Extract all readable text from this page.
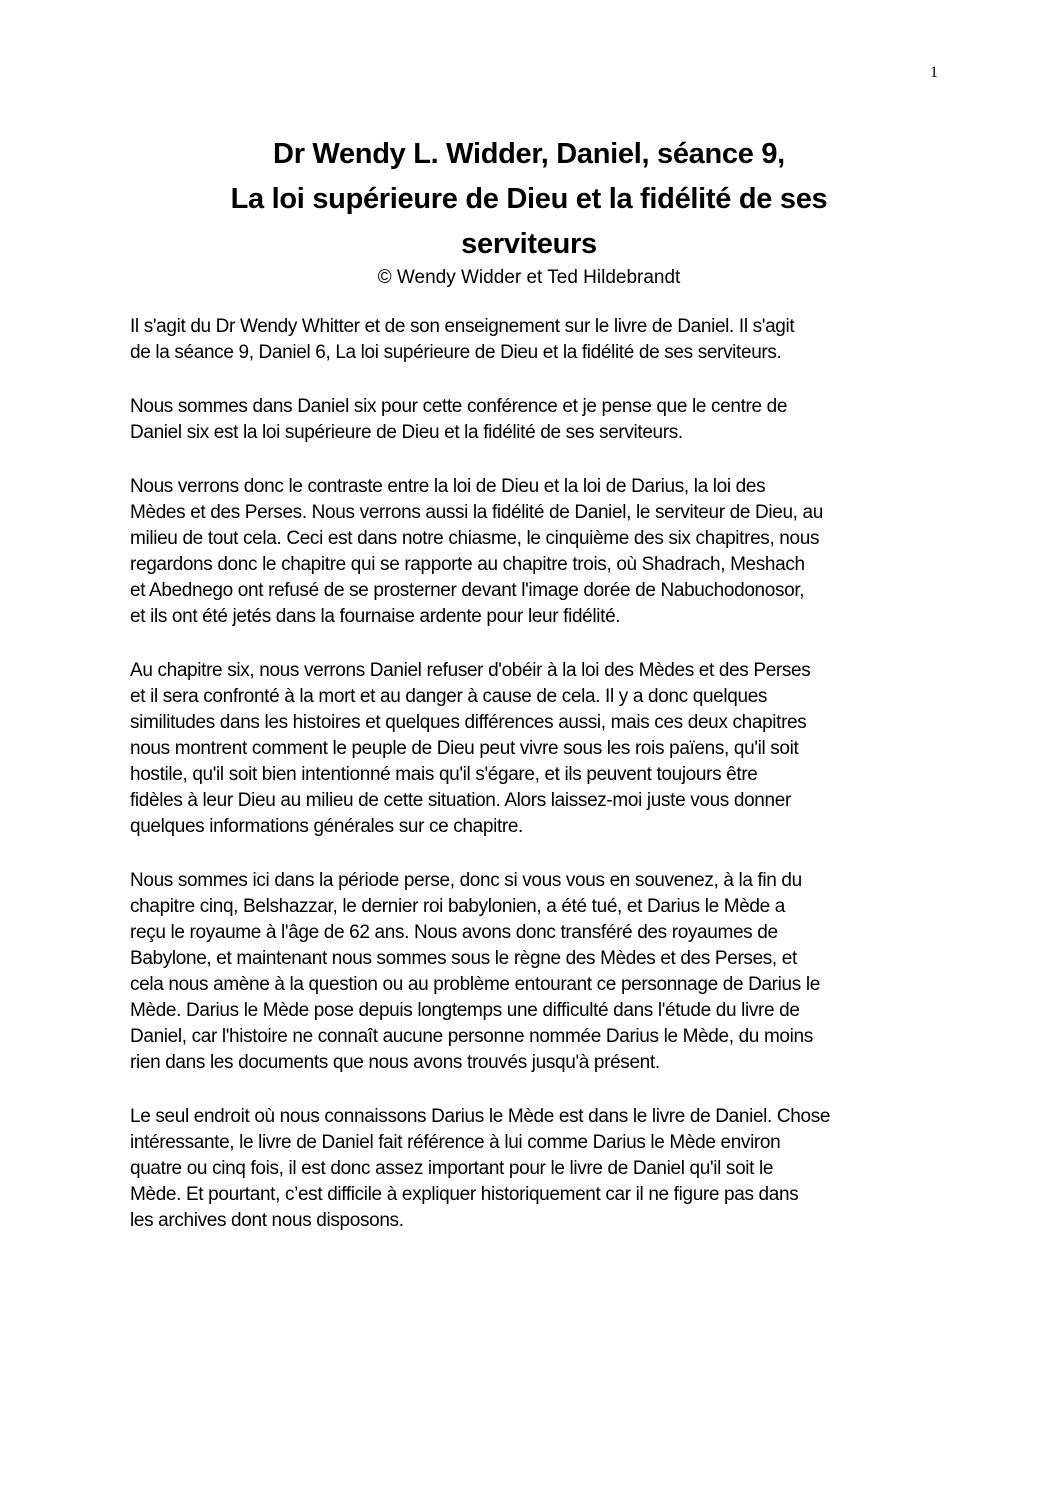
1
Dr Wendy L. Widder, Daniel, séance 9,
La loi supérieure de Dieu et la fidélité de ses
serviteurs
© Wendy Widder et Ted Hildebrandt
Il s'agit du Dr Wendy Whitter et de son enseignement sur le livre de Daniel. Il s'agit
de la séance 9, Daniel 6, La loi supérieure de Dieu et la fidélité de ses serviteurs.
Nous sommes dans Daniel six pour cette conférence et je pense que le centre de
Daniel six est la loi supérieure de Dieu et la fidélité de ses serviteurs.
Nous verrons donc le contraste entre la loi de Dieu et la loi de Darius, la loi des
Mèdes et des Perses. Nous verrons aussi la fidélité de Daniel, le serviteur de Dieu, au
milieu de tout cela. Ceci est dans notre chiasme, le cinquième des six chapitres, nous
regardons donc le chapitre qui se rapporte au chapitre trois, où Shadrach, Meshach
et Abednego ont refusé de se prosterner devant l'image dorée de Nabuchodonosor,
et ils ont été jetés dans la fournaise ardente pour leur fidélité.
Au chapitre six, nous verrons Daniel refuser d'obéir à la loi des Mèdes et des Perses
et il sera confronté à la mort et au danger à cause de cela. Il y a donc quelques
similitudes dans les histoires et quelques différences aussi, mais ces deux chapitres
nous montrent comment le peuple de Dieu peut vivre sous les rois païens, qu'il soit
hostile, qu'il soit bien intentionné mais qu'il s'égare, et ils peuvent toujours être
fidèles à leur Dieu au milieu de cette situation. Alors laissez-moi juste vous donner
quelques informations générales sur ce chapitre.
Nous sommes ici dans la période perse, donc si vous vous en souvenez, à la fin du
chapitre cinq, Belshazzar, le dernier roi babylonien, a été tué, et Darius le Mède a
reçu le royaume à l'âge de 62 ans. Nous avons donc transféré des royaumes de
Babylone, et maintenant nous sommes sous le règne des Mèdes et des Perses, et
cela nous amène à la question ou au problème entourant ce personnage de Darius le
Mède. Darius le Mède pose depuis longtemps une difficulté dans l'étude du livre de
Daniel, car l'histoire ne connaît aucune personne nommée Darius le Mède, du moins
rien dans les documents que nous avons trouvés jusqu'à présent.
Le seul endroit où nous connaissons Darius le Mède est dans le livre de Daniel. Chose
intéressante, le livre de Daniel fait référence à lui comme Darius le Mède environ
quatre ou cinq fois, il est donc assez important pour le livre de Daniel qu'il soit le
Mède. Et pourtant, c’est difficile à expliquer historiquement car il ne figure pas dans
les archives dont nous disposons.
